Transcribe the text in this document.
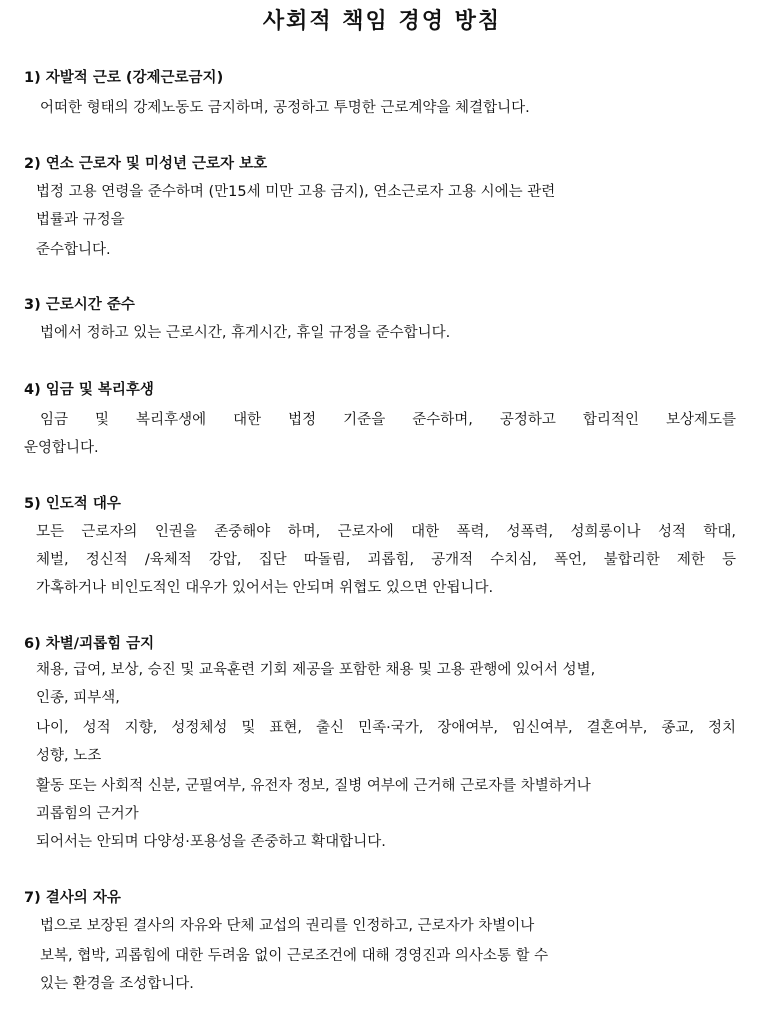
사회적 책임 경영 방침
1) 자발적 근로 (강제근로금지)
어떠한 형태의 강제노동도 금지하며, 공정하고 투명한 근로계약을 체결합니다.
2) 연소 근로자 및 미성년 근로자 보호
법정 고용 연령을 준수하며 (만15세 미만 고용 금지), 연소근로자 고용 시에는 관련
법률과 규정을
준수합니다.
3) 근로시간 준수
법에서 정하고 있는 근로시간, 휴게시간, 휴일 규정을 준수합니다.
4) 임금 및 복리후생
임금 및 복리후생에 대한 법정 기준을 준수하며, 공정하고 합리적인 보상제도를
운영합니다.
5) 인도적 대우
모든 근로자의 인권을 존중해야 하며, 근로자에 대한 폭력, 성폭력, 성희롱이나 성적 학대,
체벌, 정신적 /육체적 강압, 집단 따돌림, 괴롭힘, 공개적 수치심, 폭언, 불합리한 제한 등
가혹하거나 비인도적인 대우가 있어서는 안되며 위협도 있으면 안됩니다.
6) 차별/괴롭힘 금지
채용, 급여, 보상, 승진 및 교육훈련 기회 제공을 포함한 채용 및 고용 관행에 있어서 성별,
인종, 피부색,
나이, 성적 지향, 성정체성 및 표현, 출신 민족·국가, 장애여부, 임신여부, 결혼여부, 종교, 정치
성향, 노조
활동 또는 사회적 신분, 군필여부, 유전자 정보, 질병 여부에 근거해 근로자를 차별하거나
괴롭힘의 근거가
되어서는 안되며 다양성·포용성을 존중하고 확대합니다.
7) 결사의 자유
법으로 보장된 결사의 자유와 단체 교섭의 권리를 인정하고, 근로자가 차별이나
보복, 협박, 괴롭힘에 대한 두려움 없이 근로조건에 대해 경영진과 의사소통 할 수
있는 환경을 조성합니다.
